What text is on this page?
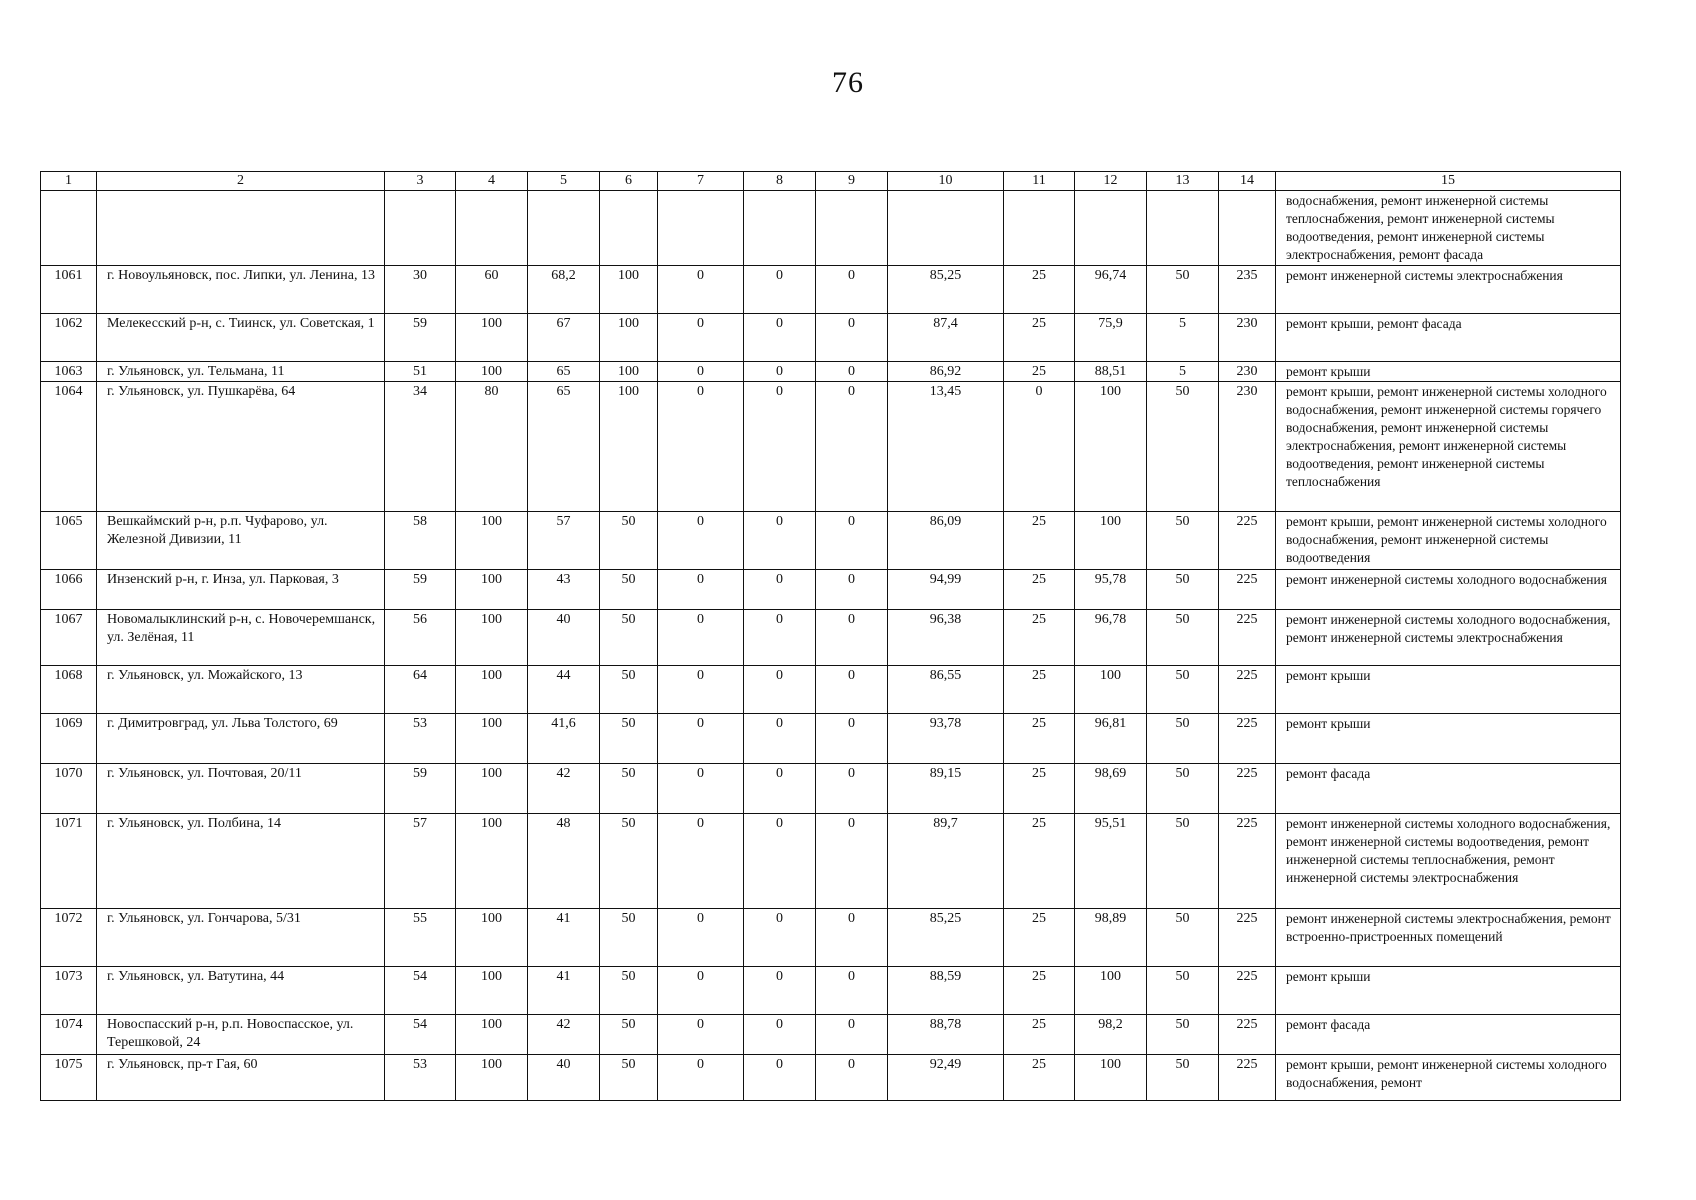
76
1	2	3	4	5	6	7	8	9	10	11	12	13	14	15
														водоснабжения, ремонт инженерной системы теплоснабжения, ремонт инженерной системы водоотведения, ремонт инженерной системы электроснабжения, ремонт фасада
1061	г. Новоульяновск, пос. Липки, ул. Ленина, 13	30	60	68,2	100	0	0	0	85,25	25	96,74	50	235	ремонт инженерной системы электроснабжения
1062	Мелекесский р-н, с. Тиинск, ул. Советская, 1	59	100	67	100	0	0	0	87,4	25	75,9	5	230	ремонт крыши, ремонт фасада
1063	г. Ульяновск, ул. Тельмана, 11	51	100	65	100	0	0	0	86,92	25	88,51	5	230	ремонт крыши
1064	г. Ульяновск, ул. Пушкарёва, 64	34	80	65	100	0	0	0	13,45	0	100	50	230	ремонт крыши, ремонт инженерной системы холодного водоснабжения, ремонт инженерной системы горячего водоснабжения, ремонт инженерной системы электроснабжения, ремонт инженерной системы водоотведения, ремонт инженерной системы теплоснабжения
1065	Вешкаймский р-н, р.п. Чуфарово, ул. Железной Дивизии, 11	58	100	57	50	0	0	0	86,09	25	100	50	225	ремонт крыши, ремонт инженерной системы холодного водоснабжения, ремонт инженерной системы водоотведения
1066	Инзенский р-н, г. Инза, ул. Парковая, 3	59	100	43	50	0	0	0	94,99	25	95,78	50	225	ремонт инженерной системы холодного водоснабжения
1067	Новомалыклинский р-н, с. Новочеремшанск, ул. Зелёная, 11	56	100	40	50	0	0	0	96,38	25	96,78	50	225	ремонт инженерной системы холодного водоснабжения, ремонт инженерной системы электроснабжения
1068	г. Ульяновск, ул. Можайского, 13	64	100	44	50	0	0	0	86,55	25	100	50	225	ремонт крыши
1069	г. Димитровград, ул. Льва Толстого, 69	53	100	41,6	50	0	0	0	93,78	25	96,81	50	225	ремонт крыши
1070	г. Ульяновск, ул. Почтовая, 20/11	59	100	42	50	0	0	0	89,15	25	98,69	50	225	ремонт фасада
1071	г. Ульяновск, ул. Полбина, 14	57	100	48	50	0	0	0	89,7	25	95,51	50	225	ремонт инженерной системы холодного водоснабжения, ремонт инженерной системы водоотведения, ремонт инженерной системы теплоснабжения, ремонт инженерной системы электроснабжения
1072	г. Ульяновск, ул. Гончарова, 5/31	55	100	41	50	0	0	0	85,25	25	98,89	50	225	ремонт инженерной системы электроснабжения, ремонт встроенно-пристроенных помещений
1073	г. Ульяновск, ул. Ватутина, 44	54	100	41	50	0	0	0	88,59	25	100	50	225	ремонт крыши
1074	Новоспасский р-н, р.п. Новоспасское, ул. Терешковой, 24	54	100	42	50	0	0	0	88,78	25	98,2	50	225	ремонт фасада
1075	г. Ульяновск, пр-т Гая, 60	53	100	40	50	0	0	0	92,49	25	100	50	225	ремонт крыши, ремонт инженерной системы холодного водоснабжения, ремонт
